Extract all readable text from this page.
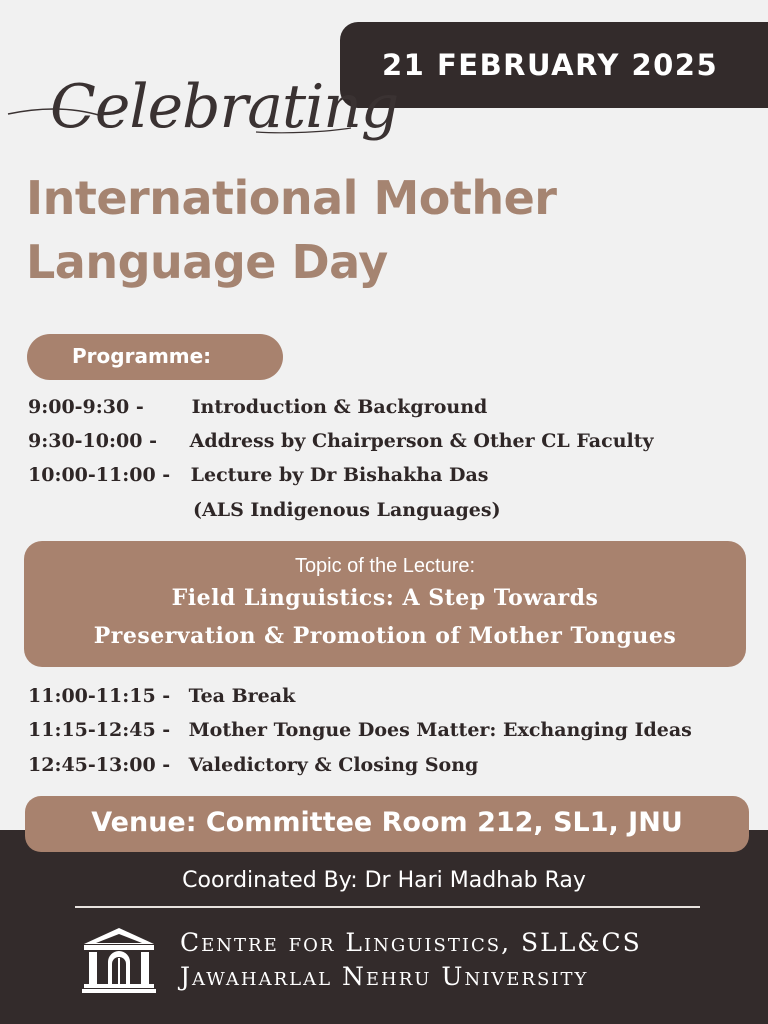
21 FEBRUARY 2025
Celebrating
International Mother
Language Day
Programme:
9:00-9:30 -	Introduction & Background
9:30-10:00 - Address by Chairperson & Other CL Faculty
10:00-11:00 - Lecture by Dr Bishakha Das
(ALS Indigenous Languages)
Topic of the Lecture:
Field Linguistics: A Step Towards
Preservation & Promotion of Mother Tongues
11:00-11:15 - Tea Break
11:15-12:45 - Mother Tongue Does Matter: Exchanging Ideas
12:45-13:00 - Valedictory & Closing Song
Venue: Committee Room 212, SL1, JNU
Coordinated By: Dr Hari Madhab Ray
Centre for Linguistics, SLL&CS
Jawaharlal Nehru University
